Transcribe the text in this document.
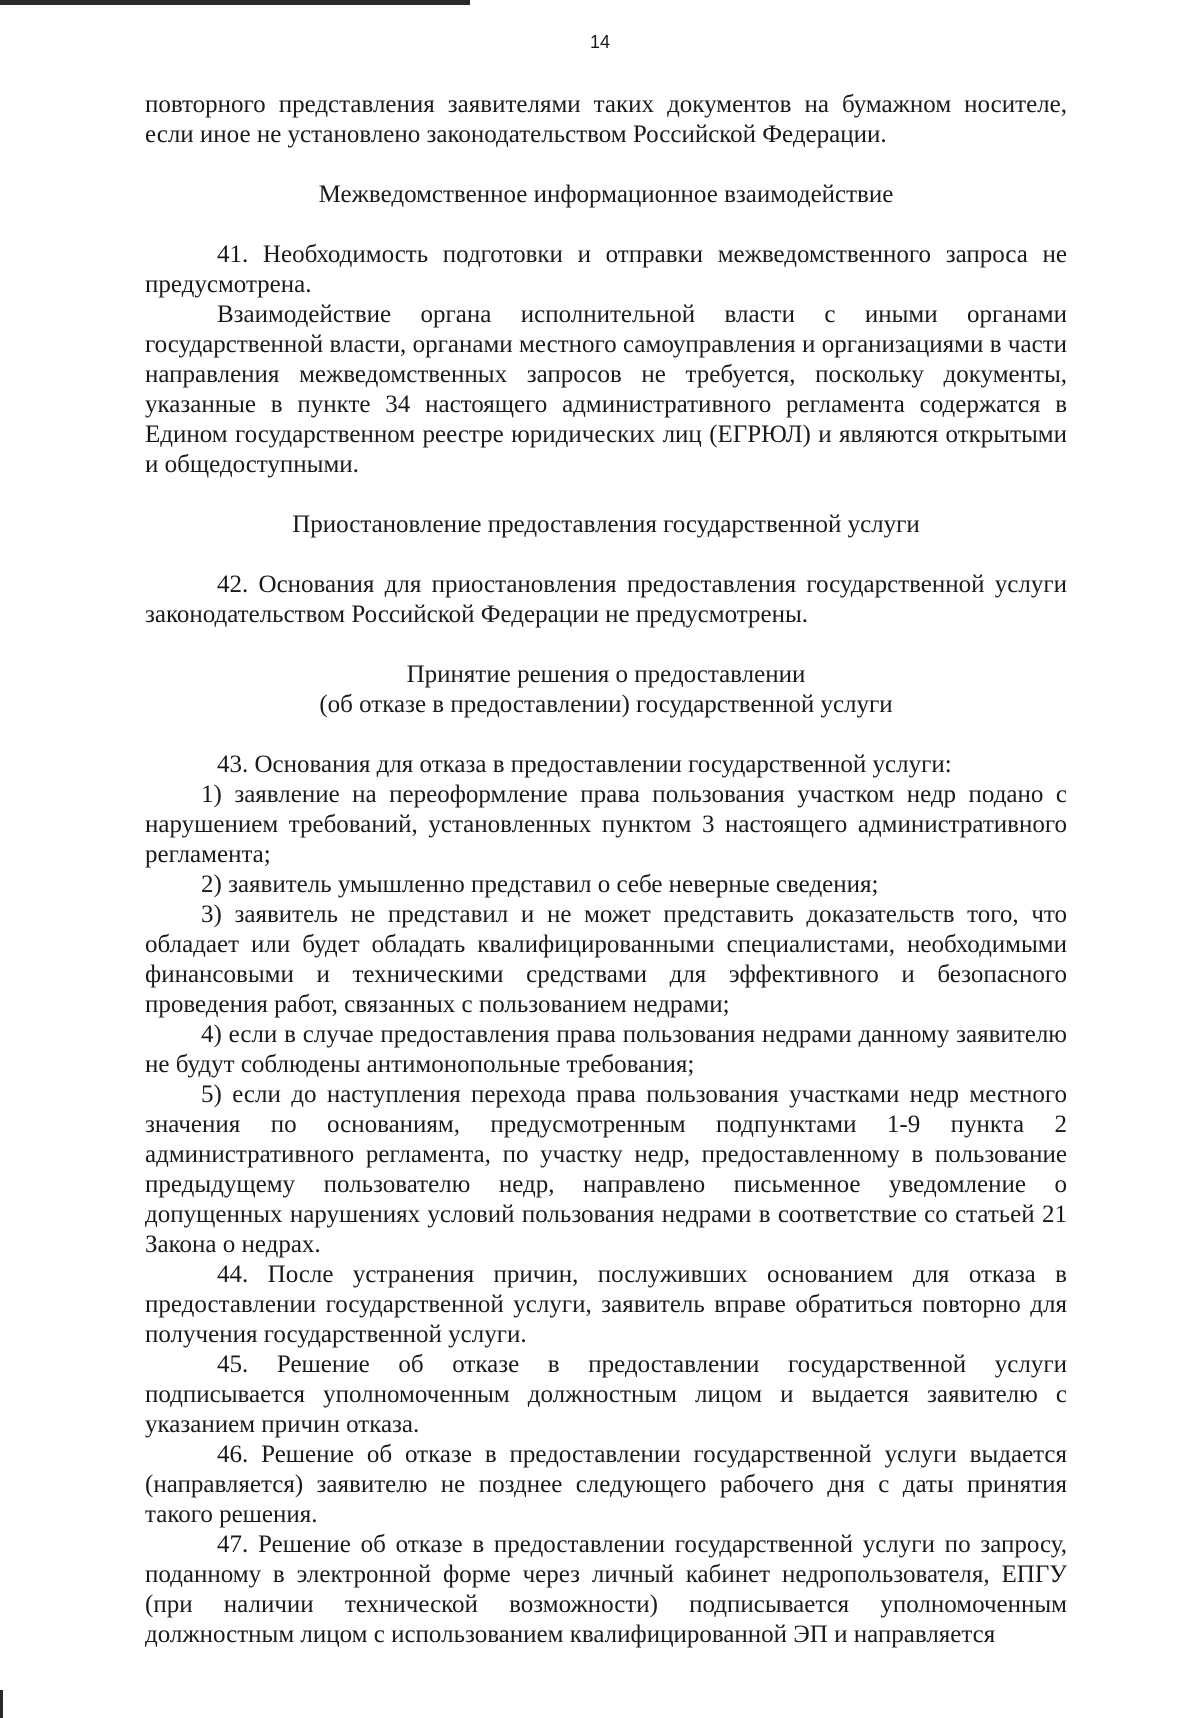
14

повторного представления заявителями таких документов на бумажном носителе, если иное не установлено законодательством Российской Федерации.

Межведомственное информационное взаимодействие

41. Необходимость подготовки и отправки межведомственного запроса не предусмотрена.

Взаимодействие органа исполнительной власти с иными органами государственной власти, органами местного самоуправления и организациями в части направления межведомственных запросов не требуется, поскольку документы, указанные в пункте 34 настоящего административного регламента содержатся в Едином государственном реестре юридических лиц (ЕГРЮЛ) и являются открытыми и общедоступными.

Приостановление предоставления государственной услуги

42. Основания для приостановления предоставления государственной услуги законодательством Российской Федерации не предусмотрены.

Принятие решения о предоставлении
(об отказе в предоставлении) государственной услуги

43. Основания для отказа в предоставлении государственной услуги:

1) заявление на переоформление права пользования участком недр подано с нарушением требований, установленных пунктом 3 настоящего административного регламента;

2) заявитель умышленно представил о себе неверные сведения;

3) заявитель не представил и не может представить доказательств того, что обладает или будет обладать квалифицированными специалистами, необходимыми финансовыми и техническими средствами для эффективного и безопасного проведения работ, связанных с пользованием недрами;

4) если в случае предоставления права пользования недрами данному заявителю не будут соблюдены антимонопольные требования;

5) если до наступления перехода права пользования участками недр местного значения по основаниям, предусмотренным подпунктами 1-9 пункта 2 административного регламента, по участку недр, предоставленному в пользование предыдущему пользователю недр, направлено письменное уведомление о допущенных нарушениях условий пользования недрами в соответствие со статьей 21 Закона о недрах.

44. После устранения причин, послуживших основанием для отказа в предоставлении государственной услуги, заявитель вправе обратиться повторно для получения государственной услуги.

45. Решение об отказе в предоставлении государственной услуги подписывается уполномоченным должностным лицом и выдается заявителю с указанием причин отказа.

46. Решение об отказе в предоставлении государственной услуги выдается (направляется) заявителю не позднее следующего рабочего дня с даты принятия такого решения.

47. Решение об отказе в предоставлении государственной услуги по запросу, поданному в электронной форме через личный кабинет недропользователя, ЕПГУ (при наличии технической возможности) подписывается уполномоченным должностным лицом с использованием квалифицированной ЭП и направляется
